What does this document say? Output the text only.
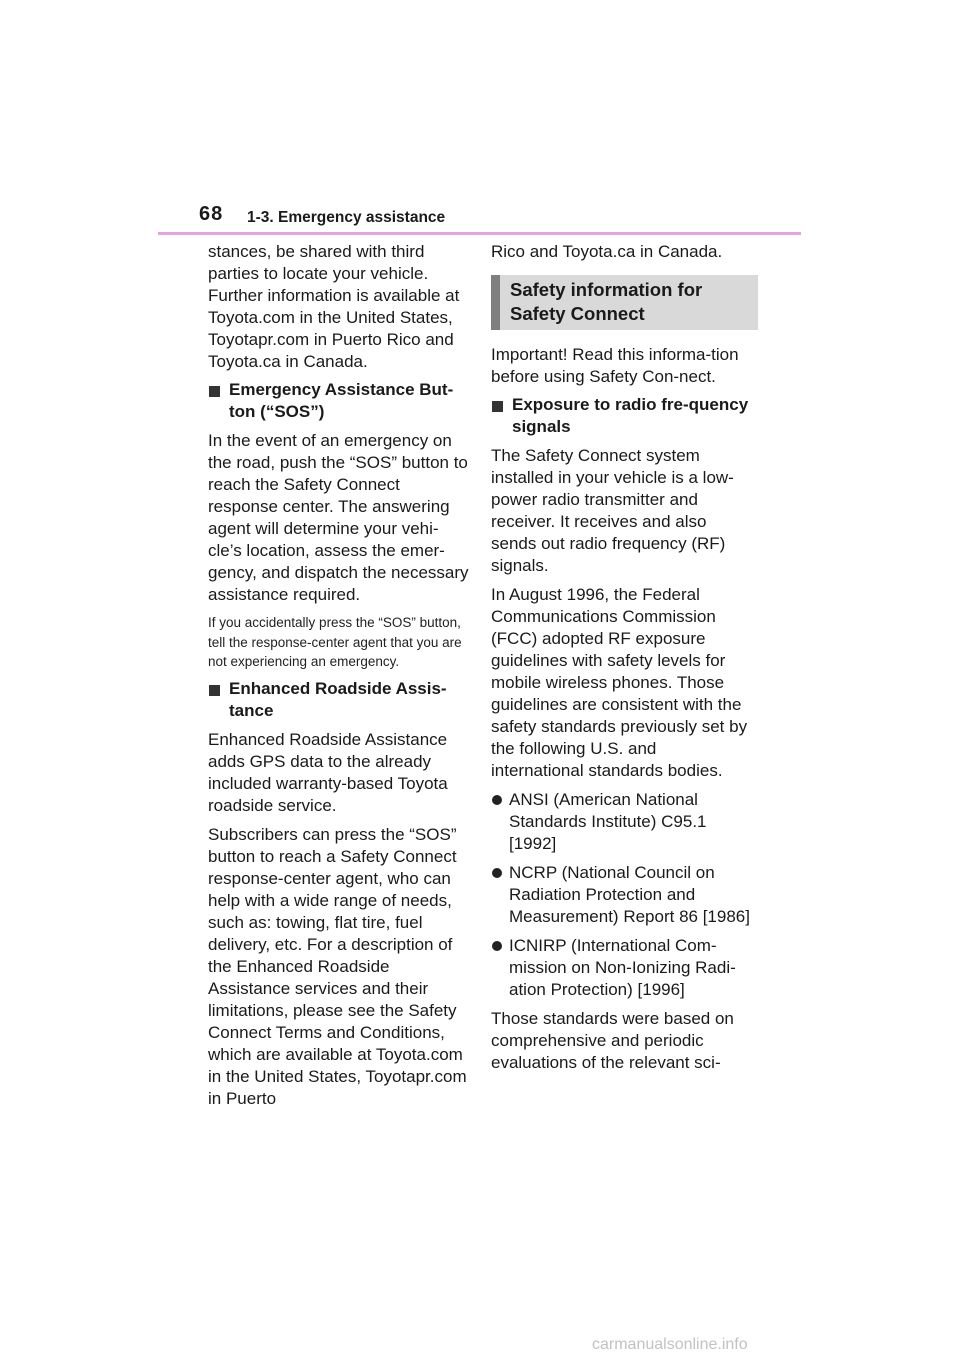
68 1-3. Emergency assistance

stances, be shared with third parties to locate your vehicle. Further information is available at Toyota.com in the United States, Toyotapr.com in Puerto Rico and Toyota.ca in Canada.

Emergency Assistance But-ton (“SOS”)

In the event of an emergency on the road, push the “SOS” button to reach the Safety Connect response center. The answering agent will determine your vehi-cle’s location, assess the emer-gency, and dispatch the necessary assistance required.

If you accidentally press the “SOS” button, tell the response-center agent that you are not experiencing an emergency.
Enhanced Roadside Assis-tance

Enhanced Roadside Assistance adds GPS data to the already included warranty-based Toyota roadside service.

Subscribers can press the “SOS” button to reach a Safety Connect response-center agent, who can help with a wide range of needs, such as: towing, flat tire, fuel delivery, etc. For a description of the Enhanced Roadside Assistance services and their limitations, please see the Safety Connect Terms and Conditions, which are available at Toyota.com in the United States, Toyotapr.com in Puerto

Rico and Toyota.ca in Canada.

Safety information for Safety Connect

Important! Read this informa-tion before using Safety Con-nect.

Exposure to radio fre-quency signals

The Safety Connect system installed in your vehicle is a low-power radio transmitter and receiver. It receives and also sends out radio frequency (RF) signals.

In August 1996, the Federal Communications Commission (FCC) adopted RF exposure guidelines with safety levels for mobile wireless phones. Those guidelines are consistent with the safety standards previously set by the following U.S. and international standards bodies.

ANSI (American National Standards Institute) C95.1 [1992]
NCRP (National Council on Radiation Protection and Measurement) Report 86 [1986]
ICNIRP (International Com-mission on Non-Ionizing Radi-ation Protection) [1996]

Those standards were based on comprehensive and periodic evaluations of the relevant sci-

carmanualsonline.info
